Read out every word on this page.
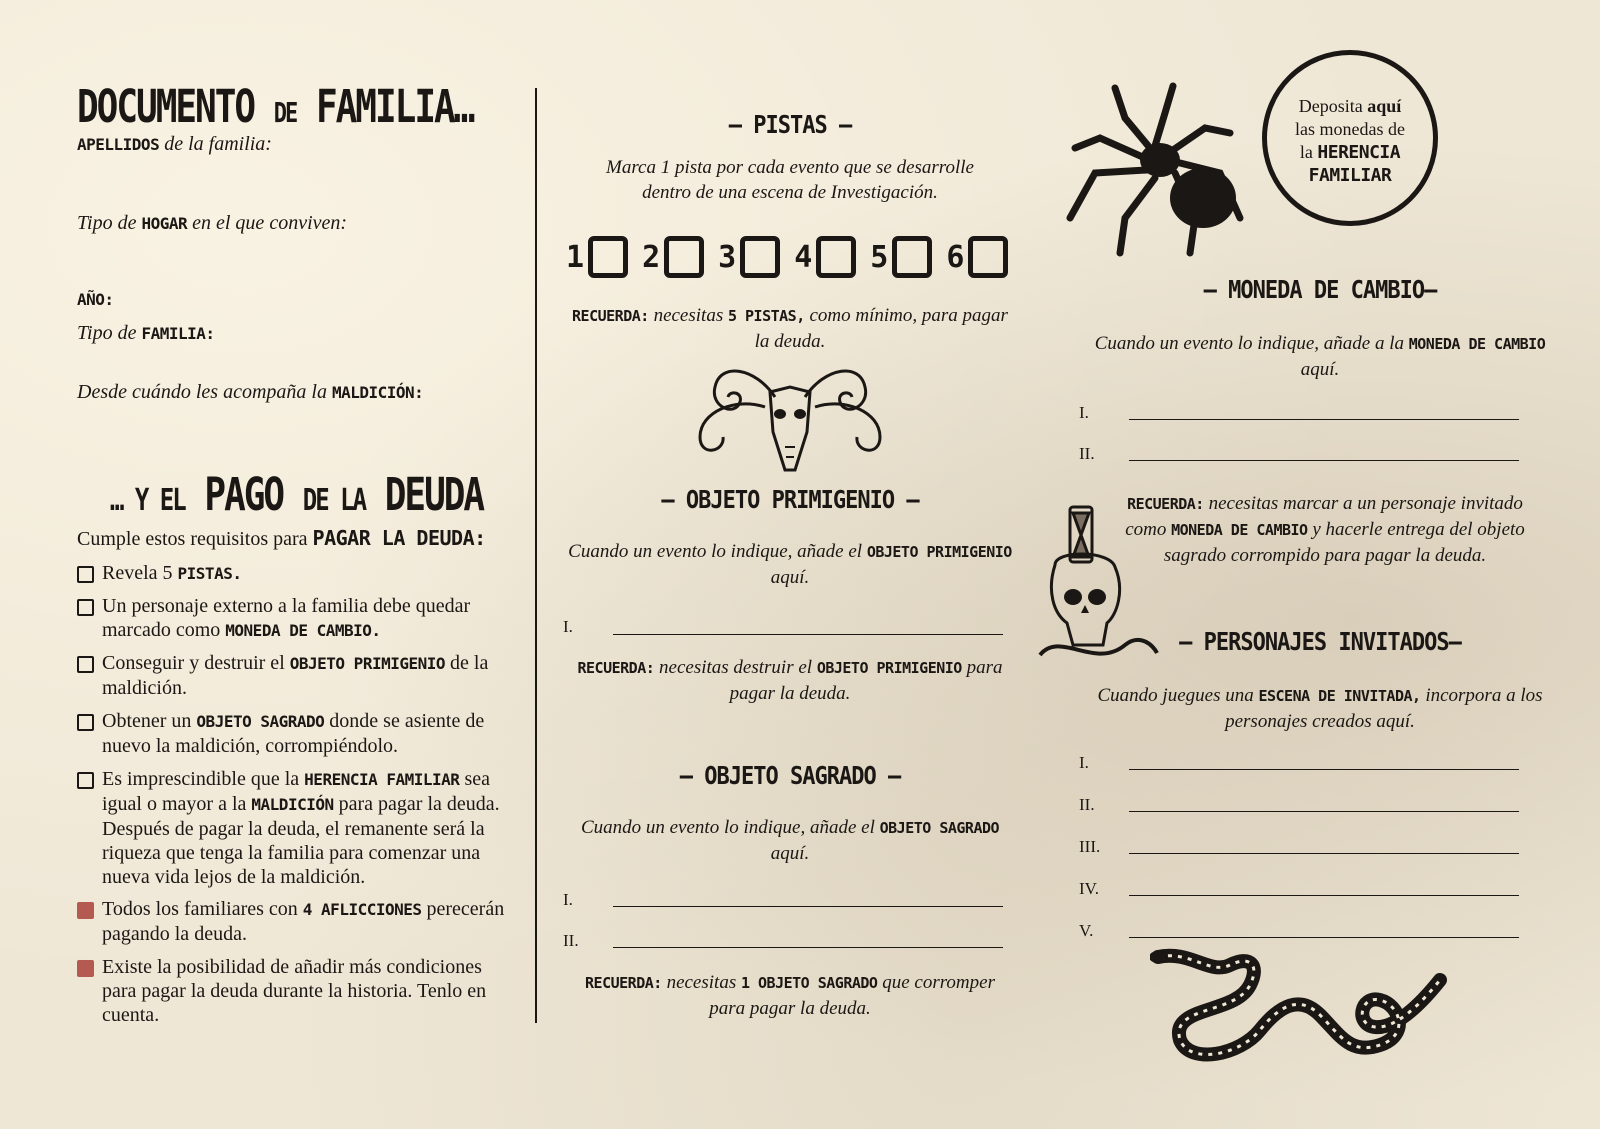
DOCUMENTO DE FAMILIA…
APELLIDOS de la familia:
Tipo de HOGAR en el que conviven:
AÑO:
Tipo de FAMILIA:
Desde cuándo les acompaña la MALDICIÓN:
… Y EL PAGO DE LA DEUDA
Cumple estos requisitos para PAGAR LA DEUDA:
Revela 5 PISTAS.
Un personaje externo a la familia debe quedar marcado como MONEDA DE CAMBIO.
Conseguir y destruir el OBJETO PRIMIGENIO de la maldición.
Obtener un OBJETO SAGRADO donde se asiente de nuevo la maldición, corrompiéndolo.
Es imprescindible que la HERENCIA FAMILIAR sea igual o mayor a la MALDICIÓN para pagar la deuda. Después de pagar la deuda, el remanente será la riqueza que tenga la familia para comenzar una nueva vida lejos de la maldición.
Todos los familiares con 4 AFLICCIONES perecerán pagando la deuda.
Existe la posibilidad de añadir más condiciones para pagar la deuda durante la historia. Tenlo en cuenta.
– PISTAS –
Marca 1 pista por cada evento que se desarrolle dentro de una escena de Investigación.
1 2 3 4 5 6
RECUERDA: necesitas 5 PISTAS, como mínimo, para pagar la deuda.
– OBJETO PRIMIGENIO –
Cuando un evento lo indique, añade el OBJETO PRIMIGENIO aquí.
I.
RECUERDA: necesitas destruir el OBJETO PRIMIGENIO para pagar la deuda.
– OBJETO SAGRADO –
Cuando un evento lo indique, añade el OBJETO SAGRADO aquí.
I.
II.
RECUERDA: necesitas 1 OBJETO SAGRADO que corromper para pagar la deuda.
Deposita aquí
las monedas de
la HERENCIA
FAMILIAR
– MONEDA DE CAMBIO–
Cuando un evento lo indique, añade a la MONEDA DE CAMBIO aquí.
I.
II.
RECUERDA: necesitas marcar a un personaje invitado como MONEDA DE CAMBIO y hacerle entrega del objeto sagrado corrompido para pagar la deuda.
– PERSONAJES INVITADOS–
Cuando juegues una ESCENA DE INVITADA, incorpora a los personajes creados aquí.
I.
II.
III.
IV.
V.
